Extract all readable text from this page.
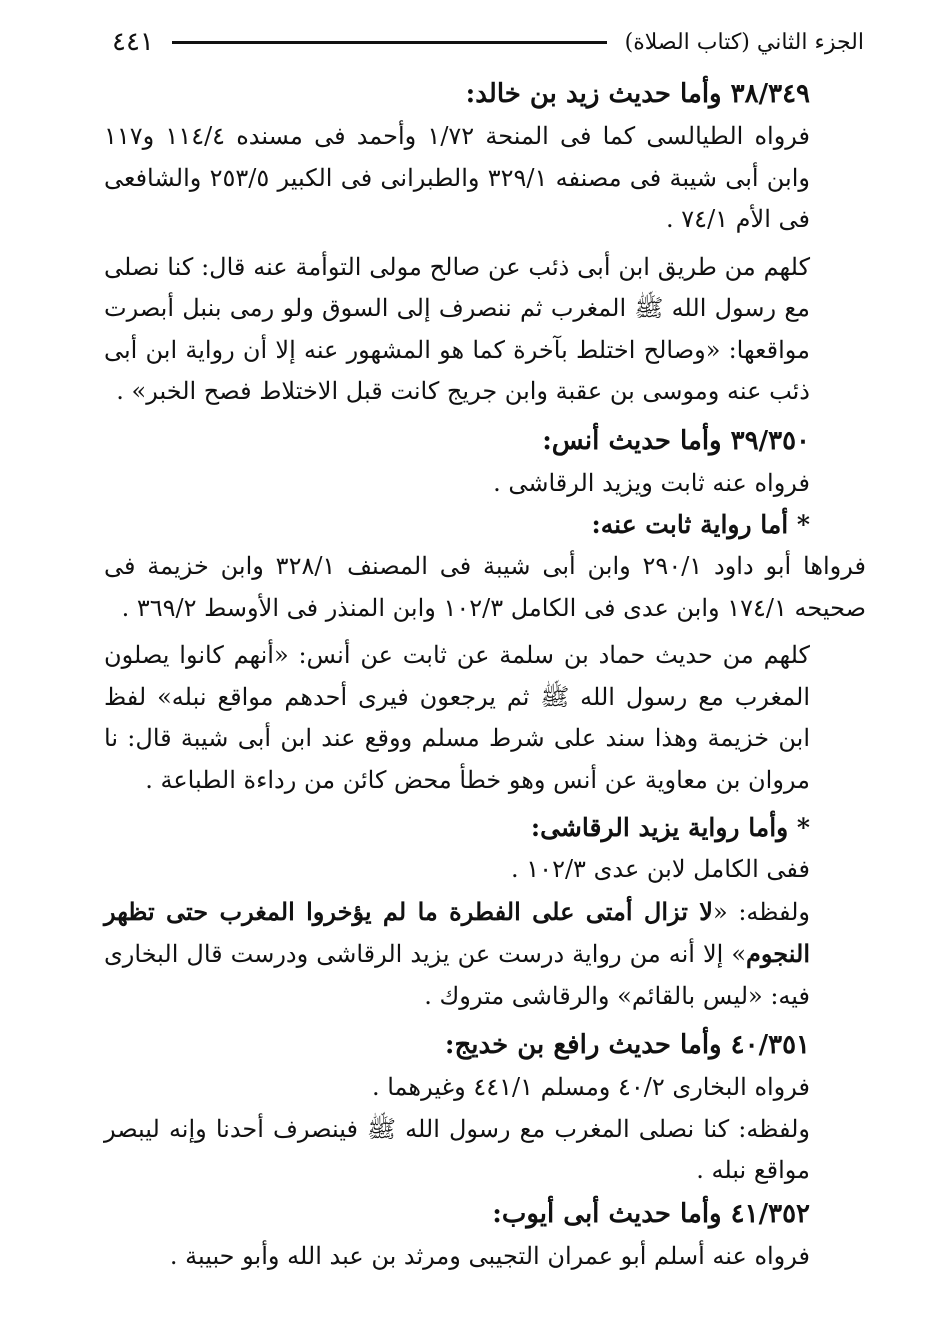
الجزء الثاني (كتاب الصلاة)
٤٤١

٣٨/٣٤٩ وأما حديث زيد بن خالد:

فرواه الطيالسى كما فى المنحة ١/٧٢ وأحمد فى مسنده ١١٤/٤ و١١٧ وابن أبى شيبة فى مصنفه ٣٢٩/١ والطبرانى فى الكبير ٢٥٣/٥ والشافعى فى الأم ٧٤/١ .

كلهم من طريق ابن أبى ذئب عن صالح مولى التوأمة عنه قال: كنا نصلى مع رسول الله ﷺ المغرب ثم ننصرف إلى السوق ولو رمى بنبل أبصرت مواقعها: «وصالح اختلط بآخرة كما هو المشهور عنه إلا أن رواية ابن أبى ذئب عنه وموسى بن عقبة وابن جريج كانت قبل الاختلاط فصح الخبر» .

٣٩/٣٥٠ وأما حديث أنس:

فرواه عنه ثابت ويزيد الرقاشى .

* أما رواية ثابت عنه:

فرواها أبو داود ٢٩٠/١ وابن أبى شيبة فى المصنف ٣٢٨/١ وابن خزيمة فى صحيحه ١٧٤/١ وابن عدى فى الكامل ١٠٢/٣ وابن المنذر فى الأوسط ٣٦٩/٢ .

كلهم من حديث حماد بن سلمة عن ثابت عن أنس: «أنهم كانوا يصلون المغرب مع رسول الله ﷺ ثم يرجعون فيرى أحدهم مواقع نبله» لفظ ابن خزيمة وهذا سند على شرط مسلم ووقع عند ابن أبى شيبة قال: نا مروان بن معاوية عن أنس وهو خطأ محض كائن من رداءة الطباعة .

* وأما رواية يزيد الرقاشى:

ففى الكامل لابن عدى ١٠٢/٣ .

ولفظه: «لا تزال أمتى على الفطرة ما لم يؤخروا المغرب حتى تظهر النجوم» إلا أنه من رواية درست عن يزيد الرقاشى ودرست قال البخارى فيه: «ليس بالقائم» والرقاشى متروك .

٤٠/٣٥١ وأما حديث رافع بن خديج:

فرواه البخارى ٤٠/٢ ومسلم ٤٤١/١ وغيرهما .

ولفظه: كنا نصلى المغرب مع رسول الله ﷺ فينصرف أحدنا وإنه ليبصر مواقع نبله .

٤١/٣٥٢ وأما حديث أبى أيوب:

فرواه عنه أسلم أبو عمران التجيبى ومرثد بن عبد الله وأبو حبيبة .
